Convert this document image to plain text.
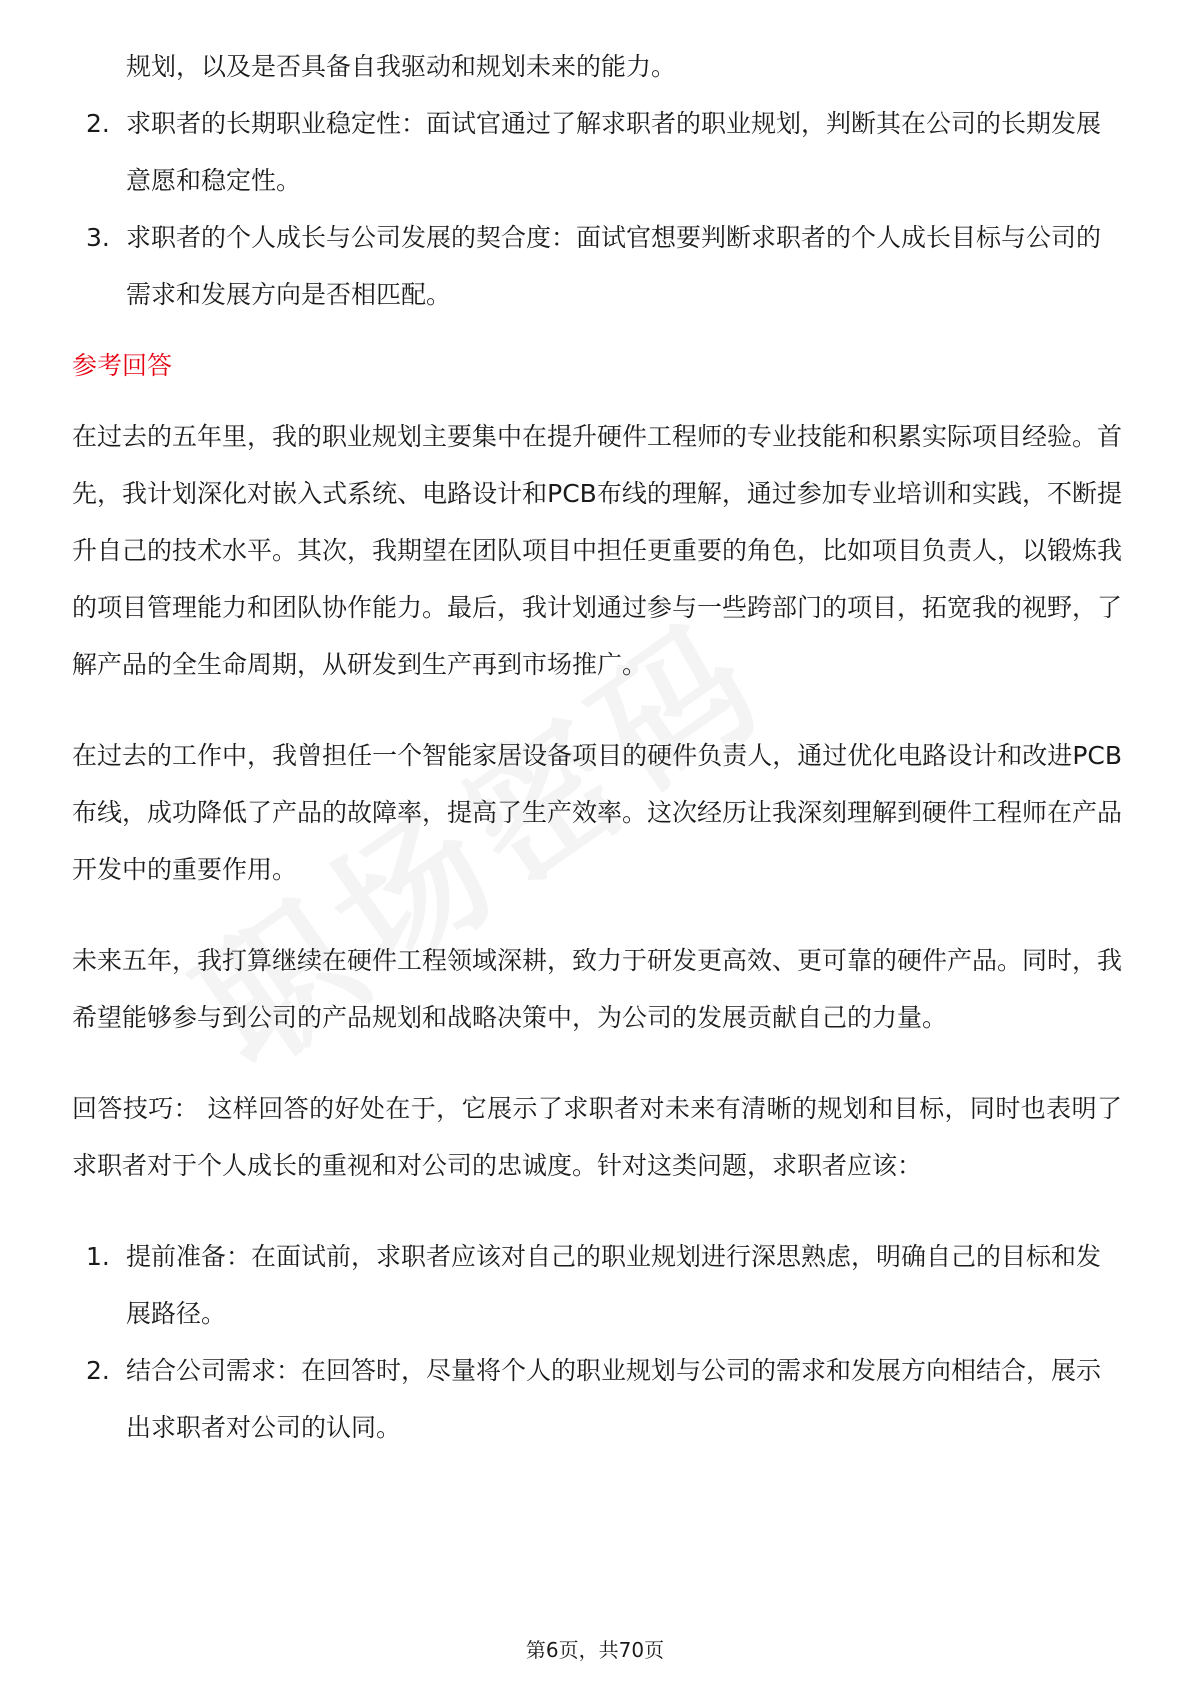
规划，以及是否具备自我驱动和规划未来的能力。
2. 求职者的长期职业稳定性：面试官通过了解求职者的职业规划，判断其在公司的长期发展意愿和稳定性。
3. 求职者的个人成长与公司发展的契合度：面试官想要判断求职者的个人成长目标与公司的需求和发展方向是否相匹配。
参考回答

在过去的五年里，我的职业规划主要集中在提升硬件工程师的专业技能和积累实际项目经验。首先，我计划深化对嵌入式系统、电路设计和PCB布线的理解，通过参加专业培训和实践，不断提升自己的技术水平。其次，我期望在团队项目中担任更重要的角色，比如项目负责人，以锻炼我的项目管理能力和团队协作能力。最后，我计划通过参与一些跨部门的项目，拓宽我的视野，了解产品的全生命周期，从研发到生产再到市场推广。

在过去的工作中，我曾担任一个智能家居设备项目的硬件负责人，通过优化电路设计和改进PCB布线，成功降低了产品的故障率，提高了生产效率。这次经历让我深刻理解到硬件工程师在产品开发中的重要作用。

未来五年，我打算继续在硬件工程领域深耕，致力于研发更高效、更可靠的硬件产品。同时，我希望能够参与到公司的产品规划和战略决策中，为公司的发展贡献自己的力量。

回答技巧： 这样回答的好处在于，它展示了求职者对未来有清晰的规划和目标，同时也表明了求职者对于个人成长的重视和对公司的忠诚度。针对这类问题，求职者应该：

1. 提前准备：在面试前，求职者应该对自己的职业规划进行深思熟虑，明确自己的目标和发展路径。
2. 结合公司需求：在回答时，尽量将个人的职业规划与公司的需求和发展方向相结合，展示出求职者对公司的认同。
第6页，共70页
